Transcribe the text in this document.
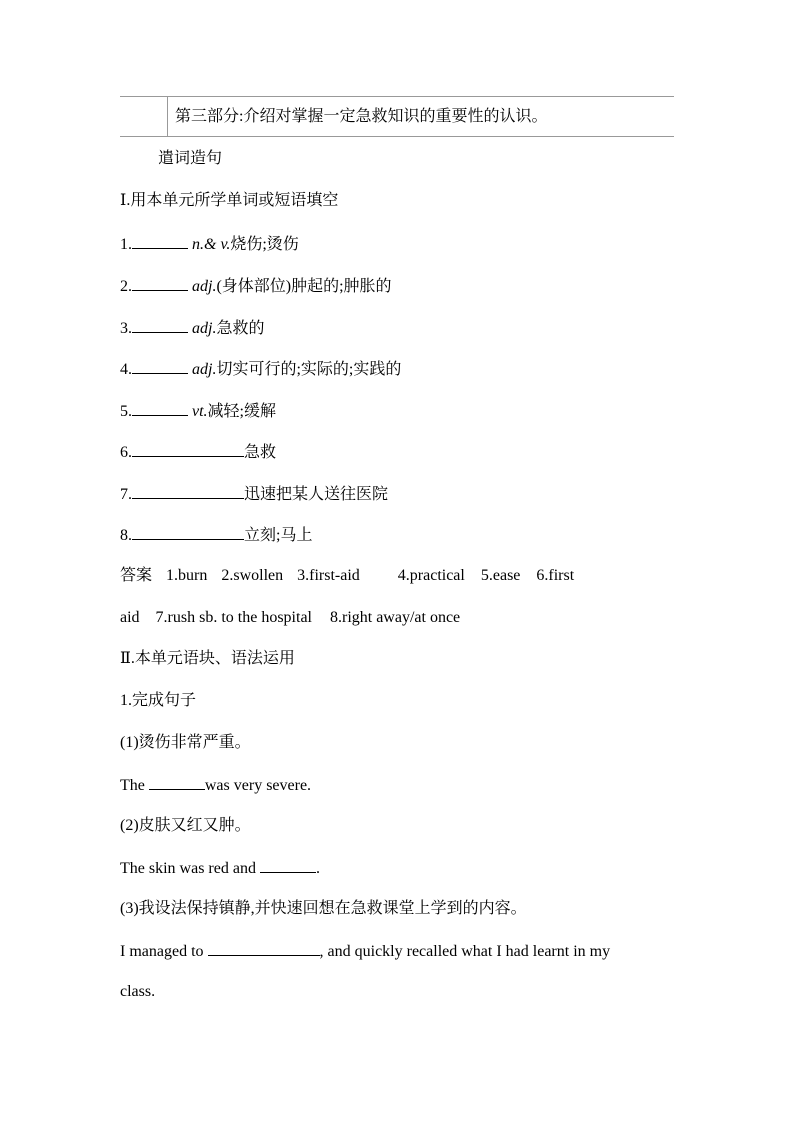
第三部分:介绍对掌握一定急救知识的重要性的认识。
遣词造句
Ⅰ.用本单元所学单词或短语填空
1.	n.& v.烧伤;烫伤
2.	adj.(身体部位)肿起的;肿胀的
3.	adj.急救的
4.	adj.切实可行的;实际的;实践的
5.	vt.减轻;缓解
6.	急救
7.	迅速把某人送往医院
8.	立刻;马上
答案 1.burn 2.swollen 3.first-aid 4.practical 5.ease 6.first
aid 7.rush sb. to the hospital 8.right away/at once
Ⅱ.本单元语块、语法运用
1.完成句子
(1)烫伤非常严重。
The	was very severe.
(2)皮肤又红又肿。
The skin was red and	.
(3)我设法保持镇静,并快速回想在急救课堂上学到的内容。
I managed to	, and quickly recalled what I had learnt in my
class.
